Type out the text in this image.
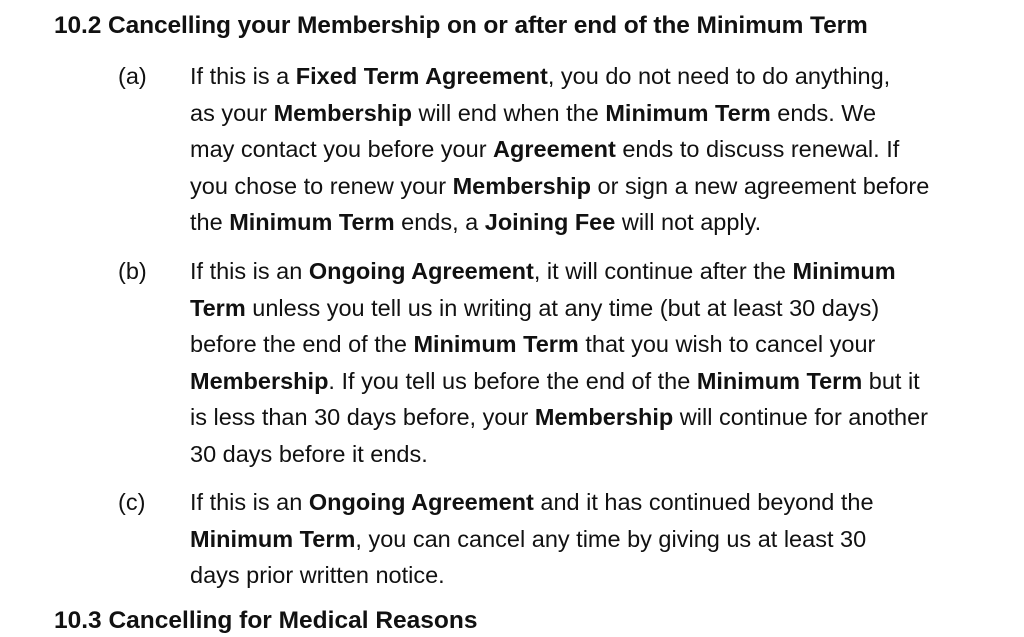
10.2 Cancelling your Membership on or after end of the Minimum Term
(a) If this is a Fixed Term Agreement, you do not need to do anything,
as your Membership will end when the Minimum Term ends. We
may contact you before your Agreement ends to discuss renewal. If
you chose to renew your Membership or sign a new agreement before
the Minimum Term ends, a Joining Fee will not apply.
(b) If this is an Ongoing Agreement, it will continue after the Minimum
Term unless you tell us in writing at any time (but at least 30 days)
before the end of the Minimum Term that you wish to cancel your
Membership. If you tell us before the end of the Minimum Term but it
is less than 30 days before, your Membership will continue for another
30 days before it ends.
(c) If this is an Ongoing Agreement and it has continued beyond the
Minimum Term, you can cancel any time by giving us at least 30
days prior written notice.
10.3 Cancelling for Medical Reasons
